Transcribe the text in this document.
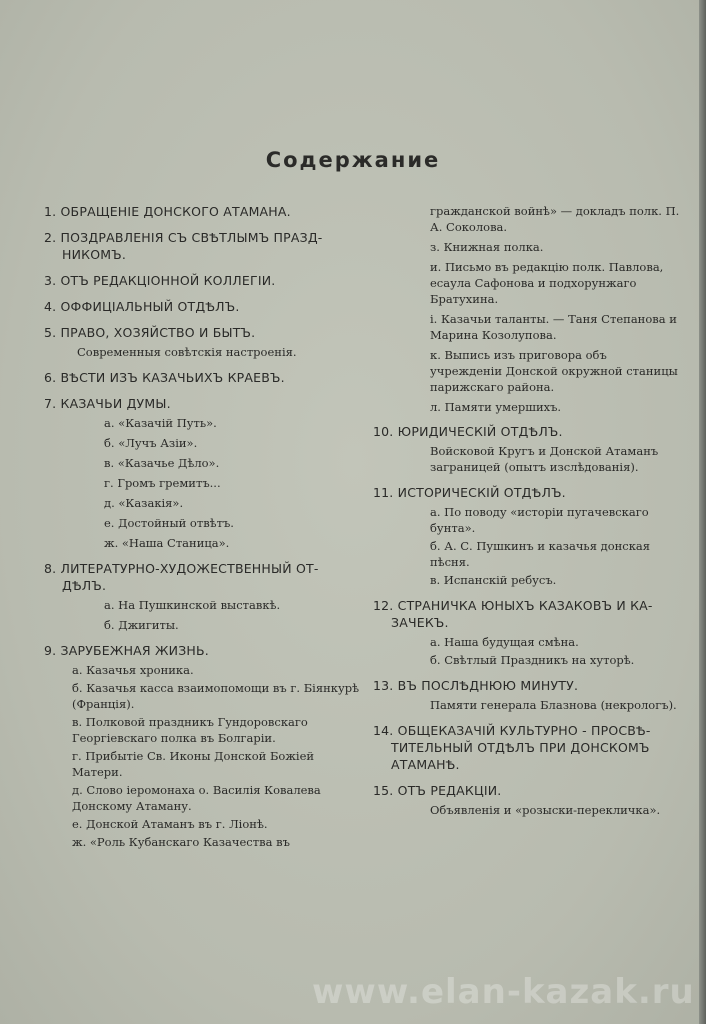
Содержание
1. ОБРАЩЕНІЕ ДОНСКОГО АТАМАНА.
2. ПОЗДРАВЛЕНІЯ СЪ СВѢТЛЫМЪ ПРАЗД-
НИКОМЪ.
3. ОТЪ РЕДАКЦІОННОЙ КОЛЛЕГІИ.
4. ОФФИЦІАЛЬНЫЙ ОТДѢЛЪ.
5. ПРАВО, ХОЗЯЙСТВО И БЫТЪ.
Современныя совѣтскія настроенія.
6. ВѢСТИ ИЗЪ КАЗАЧЬИХЪ КРАЕВЪ.
7. КАЗАЧЬИ ДУМЫ.
а. «Казачій Путь».
б. «Лучъ Азіи».
в. «Казачье Дѣло».
г. Громъ гремитъ...
д. «Казакія».
е. Достойный отвѣтъ.
ж. «Наша Станица».
8. ЛИТЕРАТУРНО-ХУДОЖЕСТВЕННЫЙ ОТ-
ДѢЛЪ.
а. На Пушкинской выставкѣ.
б. Джигиты.
9. ЗАРУБЕЖНАЯ ЖИЗНЬ.
а. Казачья хроника.
б. Казачья касса взаимопомощи въ г. Біянкурѣ (Франція).
в. Полковой праздникъ Гундоровскаго Георгіевскаго полка въ Болгаріи.
г. Прибытіе Св. Иконы Донской Божіей Матери.
д. Слово іеромонаха о. Василія Ковалева Донскому Атаману.
е. Донской Атаманъ въ г. Ліонѣ.
ж. «Роль Кубанскаго Казачества въ
гражданской войнѣ» — докладъ полк. П. А. Соколова.
з. Книжная полка.
и. Письмо въ редакцію полк. Павлова, есаула Сафонова и подхорунжаго Братухина.
і. Казачьи таланты. — Таня Степанова и Марина Козолупова.
к. Выпись изъ приговора объ учрежденіи Донской окружной станицы парижскаго района.
л. Памяти умершихъ.
10. ЮРИДИЧЕСКІЙ ОТДѢЛЪ.
Войсковой Кругъ и Донской Атаманъ заграницей (опытъ изслѣдованія).
11. ИСТОРИЧЕСКІЙ ОТДѢЛЪ.
а. По поводу «исторіи пугачевскаго бунта».
б. А. С. Пушкинъ и казачья донская пѣсня.
в. Испанскій ребусъ.
12. СТРАНИЧКА ЮНЫХЪ КАЗАКОВЪ И КА-
ЗАЧЕКЪ.
а. Наша будущая смѣна.
б. Свѣтлый Праздникъ на хуторѣ.
13. ВЪ ПОСЛѢДНЮЮ МИНУТУ.
Памяти генерала Блазнова (некрологъ).
14. ОБЩЕКАЗАЧІЙ КУЛЬТУРНО - ПРОСВѢ-
ТИТЕЛЬНЫЙ ОТДѢЛЪ ПРИ ДОНСКОМЪ АТАМАНѢ.
15. ОТЪ РЕДАКЦІИ.
Объявленія и «розыски-перекличка».
www.elan-kazak.ru
